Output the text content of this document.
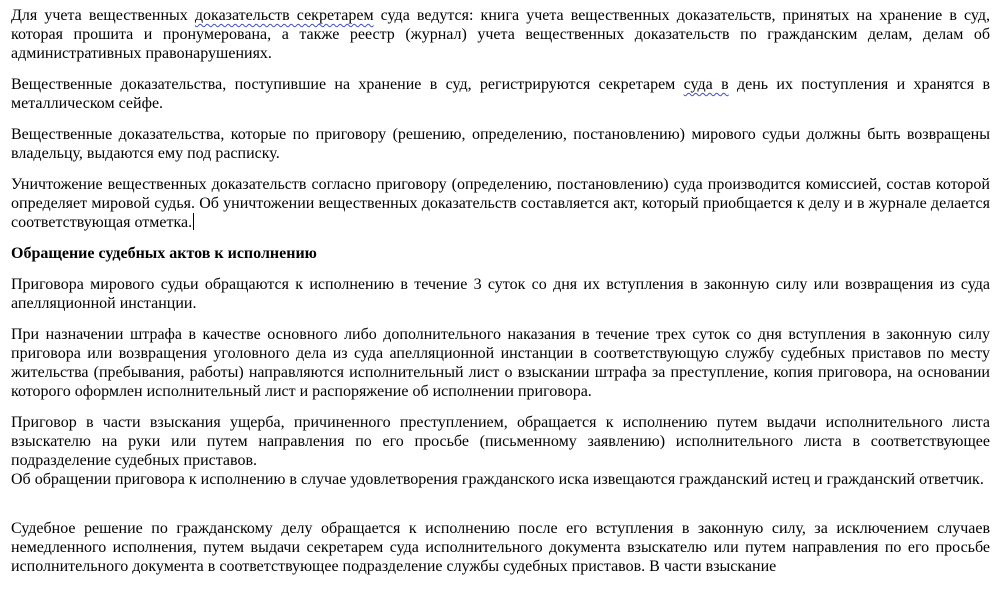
Для учета вещественных доказательств секретарем суда ведутся: книга учета вещественных доказательств, принятых на хранение в суд, которая прошита и пронумерована, а также реестр (журнал) учета вещественных доказательств по гражданским делам, делам об административных правонарушениях.

Вещественные доказательства, поступившие на хранение в суд, регистрируются секретарем суда в день их поступления и хранятся в металлическом сейфе.

Вещественные доказательства, которые по приговору (решению, определению, постановлению) мирового судьи должны быть возвращены владельцу, выдаются ему под расписку.

Уничтожение вещественных доказательств согласно приговору (определению, постановлению) суда производится комиссией, состав которой определяет мировой судья. Об уничтожении вещественных доказательств составляется акт, который приобщается к делу и в журнале делается соответствующая отметка.

Обращение судебных актов к исполнению

Приговора мирового судьи обращаются к исполнению в течение 3 суток со дня их вступления в законную силу или возвращения из суда апелляционной инстанции.

При назначении штрафа в качестве основного либо дополнительного наказания в течение трех суток со дня вступления в законную силу приговора или возвращения уголовного дела из суда апелляционной инстанции в соответствующую службу судебных приставов по месту жительства (пребывания, работы) направляются исполнительный лист о взыскании штрафа за преступление, копия приговора, на основании которого оформлен исполнительный лист и распоряжение об исполнении приговора.

Приговор в части взыскания ущерба, причиненного преступлением, обращается к исполнению путем выдачи исполнительного листа взыскателю на руки или путем направления по его просьбе (письменному заявлению) исполнительного листа в соответствующее подразделение судебных приставов.

Об обращении приговора к исполнению в случае удовлетворения гражданского иска извещаются гражданский истец и гражданский ответчик.

Судебное решение по гражданскому делу обращается к исполнению после его вступления в законную силу, за исключением случаев немедленного исполнения, путем выдачи секретарем суда исполнительного документа взыскателю или путем направления по его просьбе исполнительного документа в соответствующее подразделение службы судебных приставов. В части взыскание
